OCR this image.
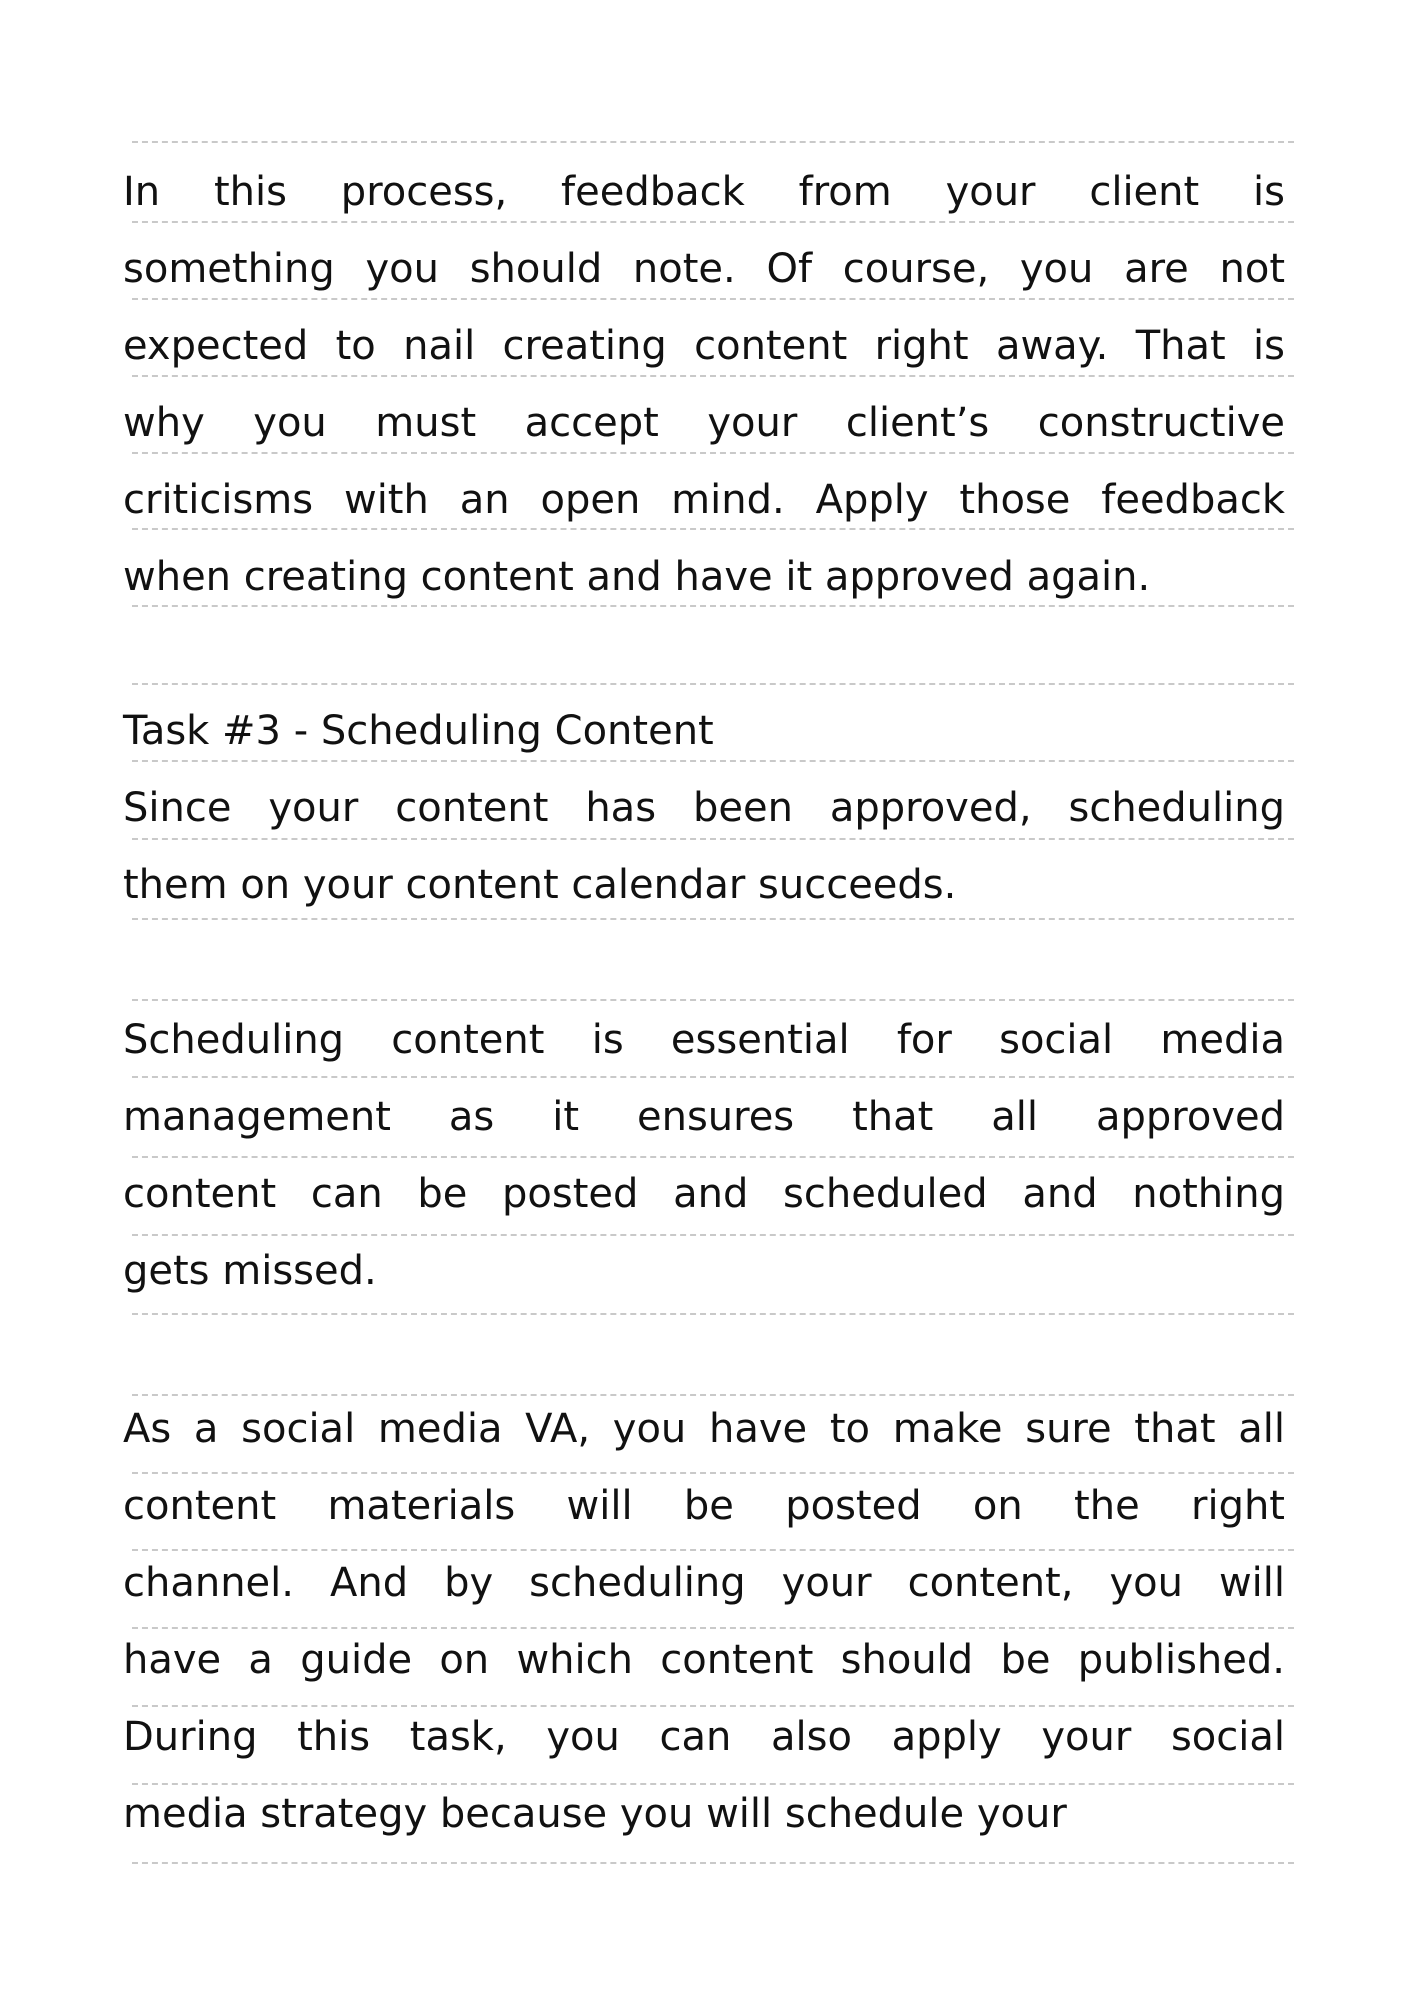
In this process, feedback from your client is
something you should note. Of course, you are not
expected to nail creating content right away. That is
why you must accept your client’s constructive
criticisms with an open mind. Apply those feedback
when creating content and have it approved again.
Task #3 - Scheduling Content
Since your content has been approved, scheduling
them on your content calendar succeeds.
Scheduling content is essential for social media
management as it ensures that all approved
content can be posted and scheduled and nothing
gets missed.
As a social media VA, you have to make sure that all
content materials will be posted on the right
channel. And by scheduling your content, you will
have a guide on which content should be published.
During this task, you can also apply your social
media strategy because you will schedule your
